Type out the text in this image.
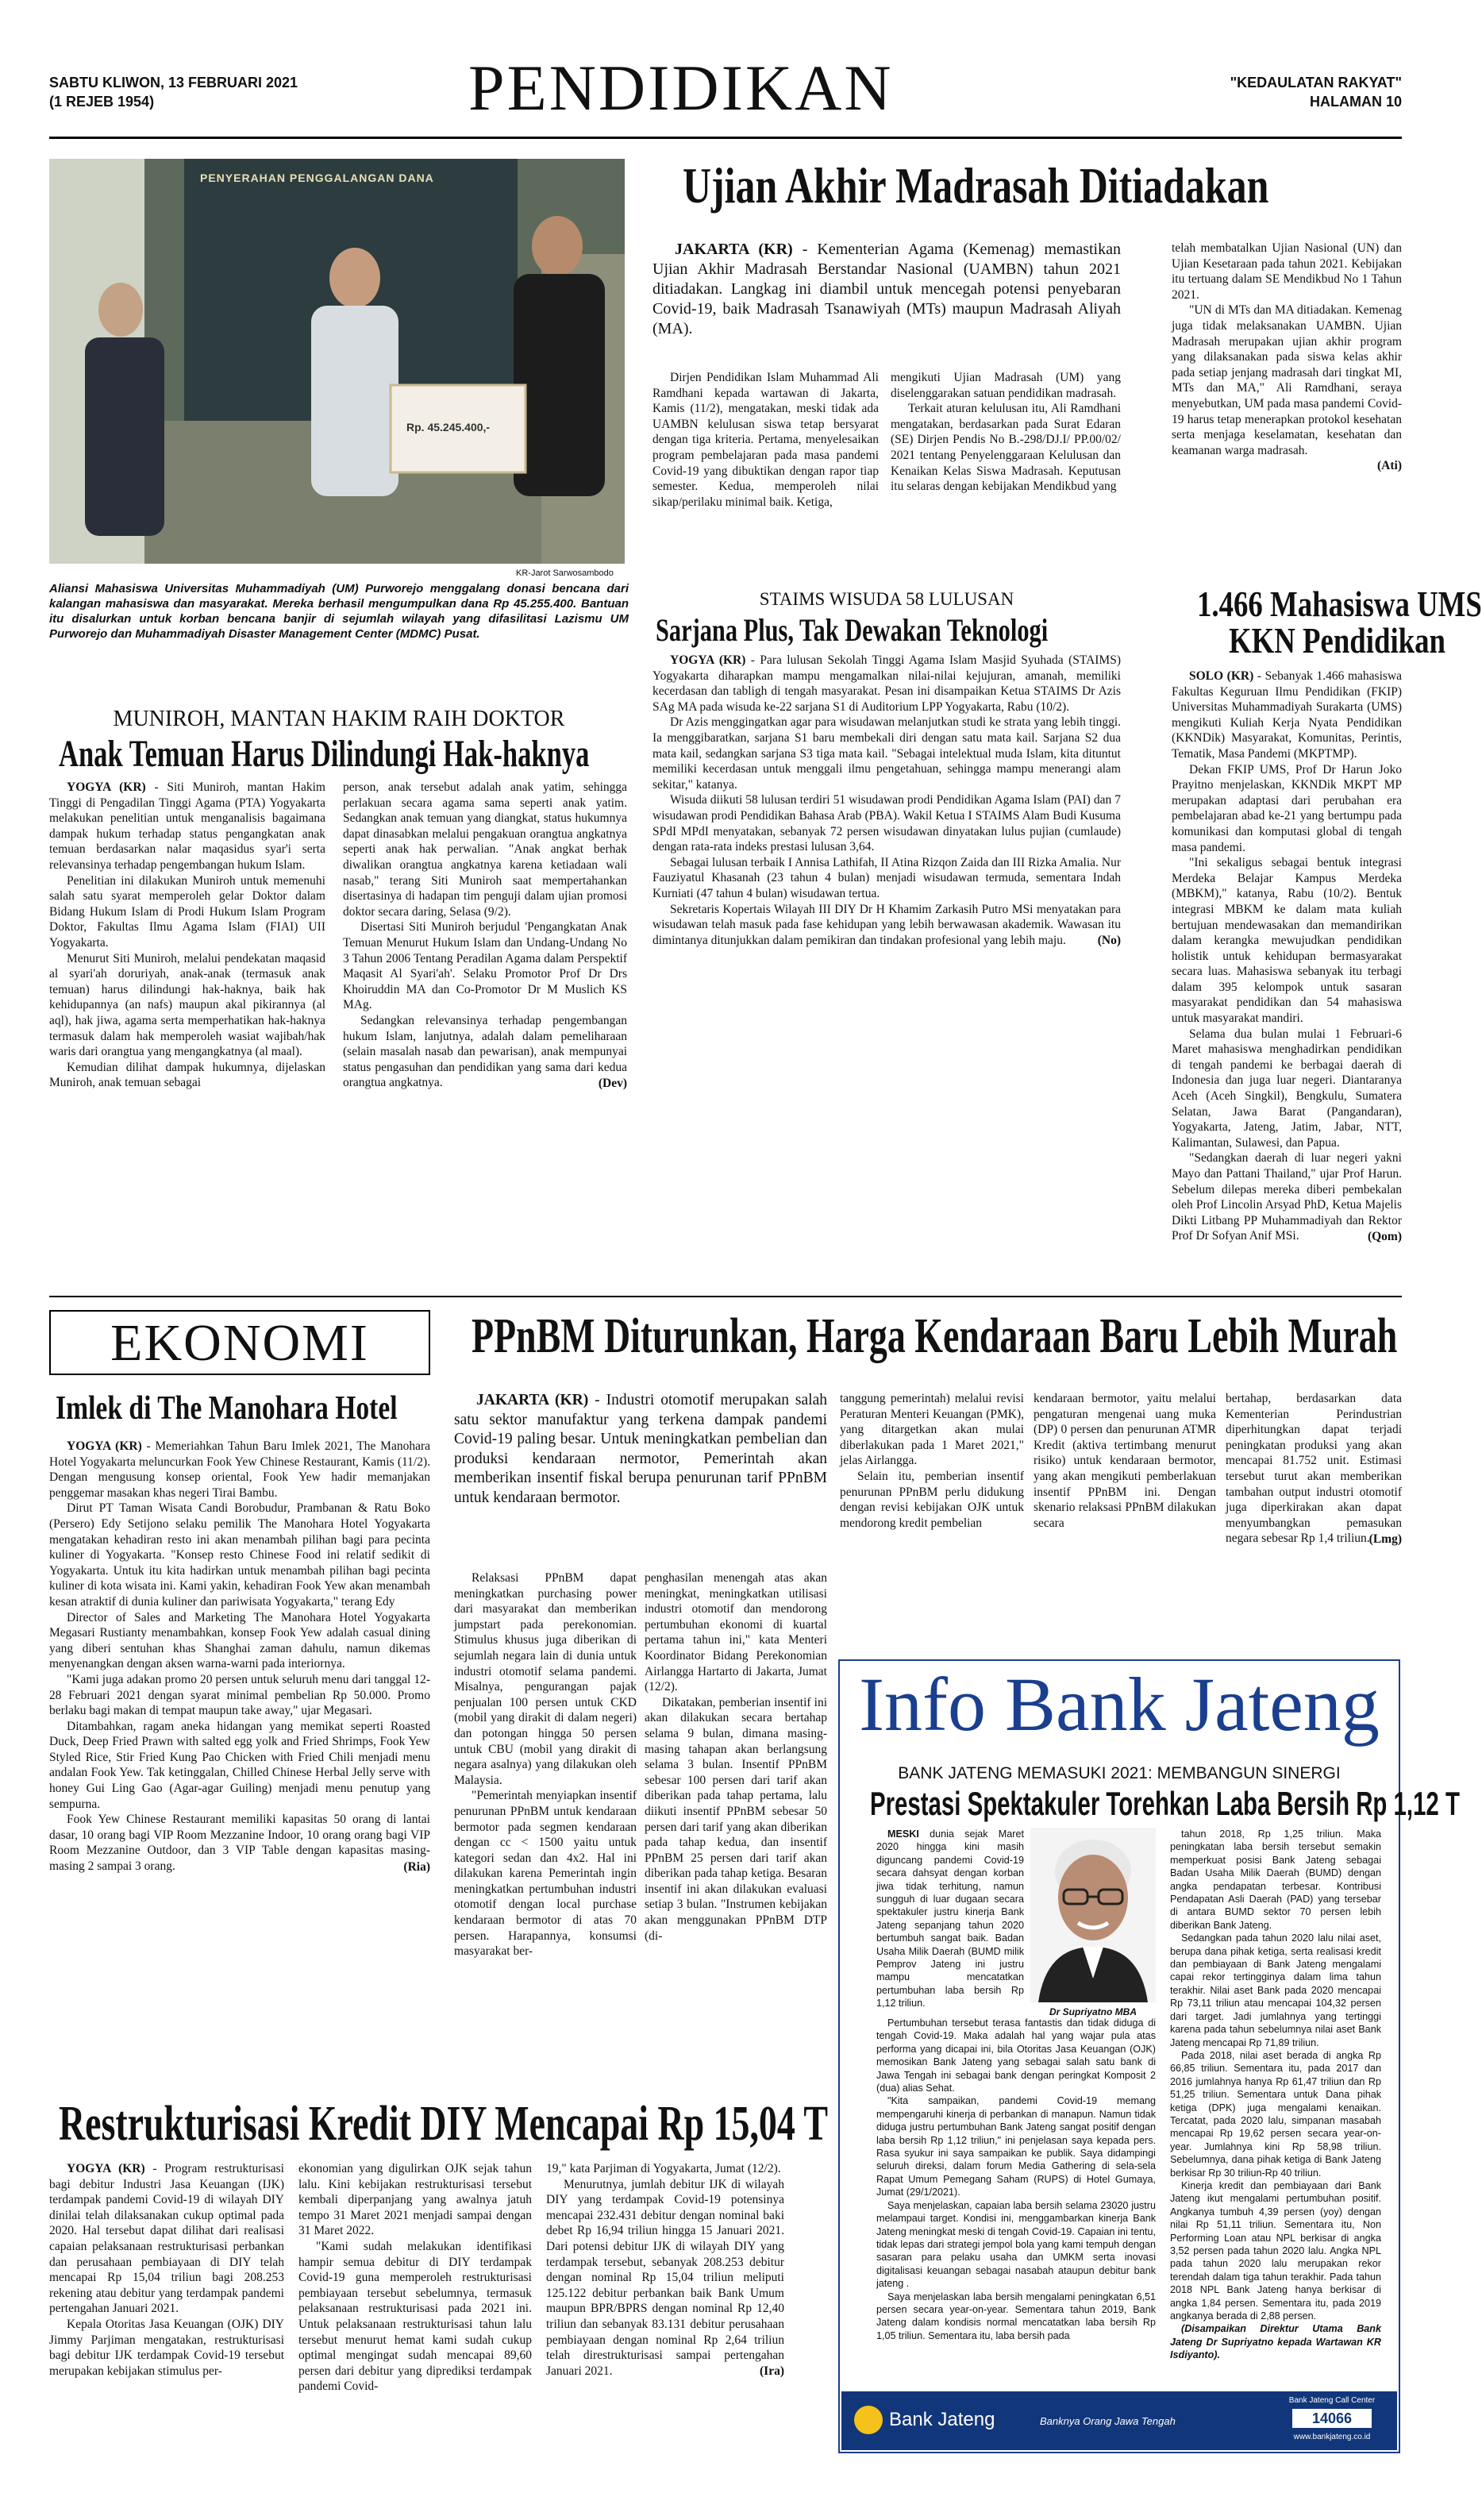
SABTU KLIWON, 13 FEBRUARI 2021
(1 REJEB 1954)	PENDIDIKAN	"KEDAULATAN RAKYAT"
HALAMAN 10
PENYERAHAN PENGGALANGAN DANA
Rp. 45.245.400,-
KR-Jarot Sarwosambodo
Aliansi Mahasiswa Universitas Muhammadiyah (UM) Purworejo menggalang donasi bencana dari kalangan mahasiswa dan masyarakat. Mereka berhasil mengumpulkan dana Rp 45.255.400. Bantuan itu disalurkan untuk korban bencana banjir di sejumlah wilayah yang difasilitasi Lazismu UM Purworejo dan Muhammadiyah Disaster Management Center (MDMC) Pusat.
Ujian Akhir Madrasah Ditiadakan

JAKARTA (KR) - Kementerian Agama (Kemenag) memastikan Ujian Akhir Madrasah Berstandar Nasional (UAMBN) tahun 2021 ditiadakan. Langkag ini diambil untuk mencegah potensi penyebaran Covid-19, baik Madrasah Tsanawiyah (MTs) maupun Madrasah Aliyah (MA).

Dirjen Pendidikan Islam Muhammad Ali Ramdhani kepada wartawan di Jakarta, Kamis (11/2), mengatakan, meski tidak ada UAMBN kelulusan siswa tetap bersyarat dengan tiga kriteria. Pertama, menyelesaikan program pembelajaran pada masa pandemi Covid-19 yang dibuktikan dengan rapor tiap semester. Kedua, memperoleh nilai sikap/perilaku minimal baik. Ketiga,

mengikuti Ujian Madrasah (UM) yang diselenggarakan satuan pendidikan madrasah.

Terkait aturan kelulusan itu, Ali Ramdhani mengatakan, berdasarkan pada Surat Edaran (SE) Dirjen Pendis No B.-298/DJ.I/ PP.00/02/ 2021 tentang Penyelenggaraan Kelulusan dan Kenaikan Kelas Siswa Madrasah. Keputusan itu selaras dengan kebijakan Mendikbud yang

telah membatalkan Ujian Nasional (UN) dan Ujian Kesetaraan pada tahun 2021. Kebijakan itu tertuang dalam SE Mendikbud No 1 Tahun 2021.

"UN di MTs dan MA ditiadakan. Kemenag juga tidak melaksanakan UAMBN. Ujian Madrasah merupakan ujian akhir program yang dilaksanakan pada siswa kelas akhir pada setiap jenjang madrasah dari tingkat MI, MTs dan MA," Ali Ramdhani, seraya menyebutkan, UM pada masa pandemi Covid-19 harus tetap menerapkan protokol kesehatan serta menjaga keselamatan, kesehatan dan keamanan warga madrasah.

(Ati)
STAIMS WISUDA 58 LULUSAN
Sarjana Plus, Tak Dewakan Teknologi

YOGYA (KR) - Para lulusan Sekolah Tinggi Agama Islam Masjid Syuhada (STAIMS) Yogyakarta diharapkan mampu mengamalkan nilai-nilai kejujuran, amanah, memiliki kecerdasan dan tabligh di tengah masyarakat. Pesan ini disampaikan Ketua STAIMS Dr Azis SAg MA pada wisuda ke-22 sarjana S1 di Auditorium LPP Yogyakarta, Rabu (10/2).

Dr Azis menggingatkan agar para wisudawan melanjutkan studi ke strata yang lebih tinggi. Ia menggibaratkan, sarjana S1 baru membekali diri dengan satu mata kail. Sarjana S2 dua mata kail, sedangkan sarjana S3 tiga mata kail. "Sebagai intelektual muda Islam, kita dituntut memiliki kecerdasan untuk menggali ilmu pengetahuan, sehingga mampu menerangi alam sekitar," katanya.

Wisuda diikuti 58 lulusan terdiri 51 wisudawan prodi Pendidikan Agama Islam (PAI) dan 7 wisudawan prodi Pendidikan Bahasa Arab (PBA). Wakil Ketua I STAIMS Alam Budi Kusuma SPdI MPdI menyatakan, sebanyak 72 persen wisudawan dinyatakan lulus pujian (cumlaude) dengan rata-rata indeks prestasi lulusan 3,64.

Sebagai lulusan terbaik I Annisa Lathifah, II Atina Rizqon Zaida dan III Rizka Amalia. Nur Fauziyatul Khasanah (23 tahun 4 bulan) menjadi wisudawan termuda, sementara Indah Kurniati (47 tahun 4 bulan) wisudawan tertua.

Sekretaris Kopertais Wilayah III DIY Dr H Khamim Zarkasih Putro MSi menyatakan para wisudawan telah masuk pada fase kehidupan yang lebih berwawasan akademik. Wawasan itu dimintanya ditunjukkan dalam pemikiran dan tindakan profesional yang lebih maju.	(No)
1.466 Mahasiswa UMS
KKN Pendidikan

SOLO (KR) - Sebanyak 1.466 mahasiswa Fakultas Keguruan Ilmu Pendidikan (FKIP) Universitas Muhammadiyah Surakarta (UMS) mengikuti Kuliah Kerja Nyata Pendidikan (KKNDik) Masyarakat, Komunitas, Perintis, Tematik, Masa Pandemi (MKPTMP).

Dekan FKIP UMS, Prof Dr Harun Joko Prayitno menjelaskan, KKNDik MKPT MP merupakan adaptasi dari perubahan era pembelajaran abad ke-21 yang bertumpu pada komunikasi dan komputasi global di tengah masa pandemi.

"Ini sekaligus sebagai bentuk integrasi Merdeka Belajar Kampus Merdeka (MBKM)," katanya, Rabu (10/2). Bentuk integrasi MBKM ke dalam mata kuliah bertujuan mendewasakan dan memandirikan dalam kerangka mewujudkan pendidikan holistik untuk kehidupan bermasyarakat secara luas. Mahasiswa sebanyak itu terbagi dalam 395 kelompok untuk sasaran masyarakat pendidikan dan 54 mahasiswa untuk masyarakat mandiri.

Selama dua bulan mulai 1 Februari-6 Maret mahasiswa menghadirkan pendidikan di tengah pandemi ke berbagai daerah di Indonesia dan juga luar negeri. Diantaranya Aceh (Aceh Singkil), Bengkulu, Sumatera Selatan, Jawa Barat (Pangandaran), Yogyakarta, Jateng, Jatim, Jabar, NTT, Kalimantan, Sulawesi, dan Papua.

"Sedangkan daerah di luar negeri yakni Mayo dan Pattani Thailand," ujar Prof Harun. Sebelum dilepas mereka diberi pembekalan oleh Prof Lincolin Arsyad PhD, Ketua Majelis Dikti Litbang PP Muhammadiyah dan Rektor Prof Dr Sofyan Anif MSi.	(Qom)
MUNIROH, MANTAN HAKIM RAIH DOKTOR
Anak Temuan Harus Dilindungi Hak-haknya

YOGYA (KR) - Siti Muniroh, mantan Hakim Tinggi di Pengadilan Tinggi Agama (PTA) Yogyakarta melakukan penelitian untuk menganalisis bagaimana dampak hukum terhadap status pengangkatan anak temuan berdasarkan nalar maqasidus syar'i serta relevansinya terhadap pengembangan hukum Islam.

Penelitian ini dilakukan Muniroh untuk memenuhi salah satu syarat memperoleh gelar Doktor dalam Bidang Hukum Islam di Prodi Hukum Islam Program Doktor, Fakultas Ilmu Agama Islam (FIAI) UII Yogyakarta.

Menurut Siti Muniroh, melalui pendekatan maqasid al syari'ah doruriyah, anak-anak (termasuk anak temuan) harus dilindungi hak-haknya, baik hak kehidupannya (an nafs) maupun akal pikirannya (al aql), hak jiwa, agama serta memperhatikan hak-haknya termasuk dalam hak memperoleh wasiat wajibah/hak waris dari orangtua yang mengangkatnya (al maal).

Kemudian dilihat dampak hukumnya, dijelaskan Muniroh, anak temuan sebagai

person, anak tersebut adalah anak yatim, sehingga perlakuan secara agama sama seperti anak yatim. Sedangkan anak temuan yang diangkat, status hukumnya dapat dinasabkan melalui pengakuan orangtua angkatnya seperti anak hak perwalian. "Anak angkat berhak diwalikan orangtua angkatnya karena ketiadaan wali nasab," terang Siti Muniroh saat mempertahankan disertasinya di hadapan tim penguji dalam ujian promosi doktor secara daring, Selasa (9/2).

Disertasi Siti Muniroh berjudul 'Pengangkatan Anak Temuan Menurut Hukum Islam dan Undang-Undang No 3 Tahun 2006 Tentang Peradilan Agama dalam Perspektif Maqasit Al Syari'ah'. Selaku Promotor Prof Dr Drs Khoiruddin MA dan Co-Promotor Dr M Muslich KS MAg.

Sedangkan relevansinya terhadap pengembangan hukum Islam, lanjutnya, adalah dalam pemeliharaan (selain masalah nasab dan pewarisan), anak mempunyai status pengasuhan dan pendidikan yang sama dari kedua orangtua angkatnya.	(Dev)
EKONOMI
Imlek di The Manohara Hotel

YOGYA (KR) - Memeriahkan Tahun Baru Imlek 2021, The Manohara Hotel Yogyakarta meluncurkan Fook Yew Chinese Restaurant, Kamis (11/2). Dengan mengusung konsep oriental, Fook Yew hadir memanjakan penggemar masakan khas negeri Tirai Bambu.

Dirut PT Taman Wisata Candi Borobudur, Prambanan & Ratu Boko (Persero) Edy Setijono selaku pemilik The Manohara Hotel Yogyakarta mengatakan kehadiran resto ini akan menambah pilihan bagi para pecinta kuliner di Yogyakarta. "Konsep resto Chinese Food ini relatif sedikit di Yogyakarta. Untuk itu kita hadirkan untuk menambah pilihan bagi pecinta kuliner di kota wisata ini. Kami yakin, kehadiran Fook Yew akan menambah kesan atraktif di dunia kuliner dan pariwisata Yogyakarta," terang Edy

Director of Sales and Marketing The Manohara Hotel Yogyakarta Megasari Rustianty menambahkan, konsep Fook Yew adalah casual dining yang diberi sentuhan khas Shanghai zaman dahulu, namun dikemas menyenangkan dengan aksen warna-warni pada interiornya.

"Kami juga adakan promo 20 persen untuk seluruh menu dari tanggal 12-28 Februari 2021 dengan syarat minimal pembelian Rp 50.000. Promo berlaku bagi makan di tempat maupun take away," ujar Megasari.

Ditambahkan, ragam aneka hidangan yang memikat seperti Roasted Duck, Deep Fried Prawn with salted egg yolk and Fried Shrimps, Fook Yew Styled Rice, Stir Fried Kung Pao Chicken with Fried Chili menjadi menu andalan Fook Yew. Tak ketinggalan, Chilled Chinese Herbal Jelly serve with honey Gui Ling Gao (Agar-agar Guiling) menjadi menu penutup yang sempurna.

Fook Yew Chinese Restaurant memiliki kapasitas 50 orang di lantai dasar, 10 orang bagi VIP Room Mezzanine Indoor, 10 orang orang bagi VIP Room Mezzanine Outdoor, dan 3 VIP Table dengan kapasitas masing-masing 2 sampai 3 orang.	(Ria)
PPnBM Diturunkan, Harga Kendaraan Baru Lebih Murah

JAKARTA (KR) - Industri otomotif merupakan salah satu sektor manufaktur yang terkena dampak pandemi Covid-19 paling besar. Untuk meningkatkan pembelian dan produksi kendaraan nermotor, Pemerintah akan memberikan insentif fiskal berupa penurunan tarif PPnBM untuk kendaraan bermotor.

Relaksasi PPnBM dapat meningkatkan purchasing power dari masyarakat dan memberikan jumpstart pada perekonomian. Stimulus khusus juga diberikan di sejumlah negara lain di dunia untuk industri otomotif selama pandemi. Misalnya, pengurangan pajak penjualan 100 persen untuk CKD (mobil yang dirakit di dalam negeri) dan potongan hingga 50 persen untuk CBU (mobil yang dirakit di negara asalnya) yang dilakukan oleh Malaysia.

"Pemerintah menyiapkan insentif penurunan PPnBM untuk kendaraan bermotor pada segmen kendaraan dengan cc < 1500 yaitu untuk kategori sedan dan 4x2. Hal ini dilakukan karena Pemerintah ingin meningkatkan pertumbuhan industri otomotif dengan local purchase kendaraan bermotor di atas 70 persen. Harapannya, konsumsi masyarakat ber-

penghasilan menengah atas akan meningkat, meningkatkan utilisasi industri otomotif dan mendorong pertumbuhan ekonomi di kuartal pertama tahun ini," kata Menteri Koordinator Bidang Perekonomian Airlangga Hartarto di Jakarta, Jumat (12/2).

Dikatakan, pemberian insentif ini akan dilakukan secara bertahap selama 9 bulan, dimana masing-masing tahapan akan berlangsung selama 3 bulan. Insentif PPnBM sebesar 100 persen dari tarif akan diberikan pada tahap pertama, lalu diikuti insentif PPnBM sebesar 50 persen dari tarif yang akan diberikan pada tahap kedua, dan insentif PPnBM 25 persen dari tarif akan diberikan pada tahap ketiga. Besaran insentif ini akan dilakukan evaluasi setiap 3 bulan. "Instrumen kebijakan akan menggunakan PPnBM DTP (di-

tanggung pemerintah) melalui revisi Peraturan Menteri Keuangan (PMK), yang ditargetkan akan mulai diberlakukan pada 1 Maret 2021," jelas Airlangga.

Selain itu, pemberian insentif penurunan PPnBM perlu didukung dengan revisi kebijakan OJK untuk mendorong kredit pembelian

kendaraan bermotor, yaitu melalui pengaturan mengenai uang muka (DP) 0 persen dan penurunan ATMR Kredit (aktiva tertimbang menurut risiko) untuk kendaraan bermotor, yang akan mengikuti pemberlakuan insentif PPnBM ini. Dengan skenario relaksasi PPnBM dilakukan secara

bertahap, berdasarkan data Kementerian Perindustrian diperhitungkan dapat terjadi peningkatan produksi yang akan mencapai 81.752 unit. Estimasi tersebut turut akan memberikan tambahan output industri otomotif juga diperkirakan akan dapat menyumbangkan pemasukan negara sebesar Rp 1,4 triliun. (Lmg)
Restrukturisasi Kredit DIY Mencapai Rp 15,04 T

YOGYA (KR) - Program restrukturisasi bagi debitur Industri Jasa Keuangan (IJK) terdampak pandemi Covid-19 di wilayah DIY dinilai telah dilaksanakan cukup optimal pada 2020. Hal tersebut dapat dilihat dari realisasi capaian pelaksanaan restrukturisasi perbankan dan perusahaan pembiayaan di DIY telah mencapai Rp 15,04 triliun bagi 208.253 rekening atau debitur yang terdampak pandemi pertengahan Januari 2021.

Kepala Otoritas Jasa Keuangan (OJK) DIY Jimmy Parjiman mengatakan, restrukturisasi bagi debitur IJK terdampak Covid-19 tersebut merupakan kebijakan stimulus per-

ekonomian yang digulirkan OJK sejak tahun lalu. Kini kebijakan restrukturisasi tersebut kembali diperpanjang yang awalnya jatuh tempo 31 Maret 2021 menjadi sampai dengan 31 Maret 2022.

"Kami sudah melakukan identifikasi hampir semua debitur di DIY terdampak Covid-19 guna memperoleh restrukturisasi pembiayaan tersebut sebelumnya, termasuk pelaksanaan restrukturisasi pada 2021 ini. Untuk pelaksanaan restrukturisasi tahun lalu tersebut menurut hemat kami sudah cukup optimal mengingat sudah mencapai 89,60 persen dari debitur yang diprediksi terdampak pandemi Covid-

19," kata Parjiman di Yogyakarta, Jumat (12/2).

Menurutnya, jumlah debitur IJK di wilayah DIY yang terdampak Covid-19 potensinya mencapai 232.431 debitur dengan nominal baki debet Rp 16,94 triliun hingga 15 Januari 2021. Dari potensi debitur IJK di wilayah DIY yang terdampak tersebut, sebanyak 208.253 debitur dengan nominal Rp 15,04 triliun meliputi 125.122 debitur perbankan baik Bank Umum maupun BPR/BPRS dengan nominal Rp 12,40 triliun dan sebanyak 83.131 debitur perusahaan pembiayaan dengan nominal Rp 2,64 triliun telah direstrukturisasi sampai pertengahan Januari 2021.	(Ira)
Info Bank Jateng
BANK JATENG MEMASUKI 2021: MEMBANGUN SINERGI
Prestasi Spektakuler Torehkan Laba Bersih Rp 1,12 T

MESKI dunia sejak Maret 2020 hingga kini masih diguncang pandemi Covid-19 secara dahsyat dengan korban jiwa tidak terhitung, namun sungguh di luar dugaan secara spektakuler justru kinerja Bank Jateng sepanjang tahun 2020 bertumbuh sangat baik. Badan Usaha Milik Daerah (BUMD milik Pemprov Jateng ini justru mampu mencatatkan pertumbuhan laba bersih Rp 1,12 triliun.

Dr Supriyatno MBA

Pertumbuhan tersebut terasa fantastis dan tidak diduga di tengah Covid-19. Maka adalah hal yang wajar pula atas performa yang dicapai ini, bila Otoritas Jasa Keuangan (OJK) memosikan Bank Jateng yang sebagai salah satu bank di Jawa Tengah ini sebagai bank dengan peringkat Komposit 2 (dua) alias Sehat.

"Kita sampaikan, pandemi Covid-19 memang mempengaruhi kinerja di perbankan di manapun. Namun tidak diduga justru pertumbuhan Bank Jateng sangat positif dengan laba bersih Rp 1,12 triliun," ini penjelasan saya kepada pers. Rasa syukur ini saya sampaikan ke publik. Saya didampingi seluruh direksi, dalam forum Media Gathering di sela-sela Rapat Umum Pemegang Saham (RUPS) di Hotel Gumaya, Jumat (29/1/2021).

Saya menjelaskan, capaian laba bersih selama 23020 justru melampaui target. Kondisi ini, menggambarkan kinerja Bank Jateng meningkat meski di tengah Covid-19. Capaian ini tentu, tidak lepas dari strategi jempol bola yang kami tempuh dengan sasaran para pelaku usaha dan UMKM serta inovasi digitalisasi keuangan sebagai nasabah ataupun debitur bank jateng .

Saya menjelaskan laba bersih mengalami peningkatan 6,51 persen secara year-on-year. Sementara tahun 2019, Bank Jateng dalam kondisis normal mencatatkan laba bersih Rp 1,05 triliun. Sementara itu, laba bersih pada

tahun 2018, Rp 1,25 triliun. Maka peningkatan laba bersih tersebut semakin memperkuat posisi Bank Jateng sebagai Badan Usaha Milik Daerah (BUMD) dengan angka pendapatan terbesar. Kontribusi Pendapatan Asli Daerah (PAD) yang tersebar di antara BUMD sektor 70 persen lebih diberikan Bank Jateng.

Sedangkan pada tahun 2020 lalu nilai aset, berupa dana pihak ketiga, serta realisasi kredit dan pembiayaan di Bank Jateng mengalami capai rekor tertingginya dalam lima tahun terakhir. Nilai aset Bank pada 2020 mencapai Rp 73,11 triliun atau mencapai 104,32 persen dari target. Jadi jumlahnya yang tertinggi karena pada tahun sebelumnya nilai aset Bank Jateng mencapai Rp 71,89 triliun.

Pada 2018, nilai aset berada di angka Rp 66,85 triliun. Sementara itu, pada 2017 dan 2016 jumlahnya hanya Rp 61,47 triliun dan Rp 51,25 triliun. Sementara untuk Dana pihak ketiga (DPK) juga mengalami kenaikan. Tercatat, pada 2020 lalu, simpanan masabah mencapai Rp 19,62 persen secara year-on-year. Jumlahnya kini Rp 58,98 triliun. Sebelumnya, dana pihak ketiga di Bank Jateng berkisar Rp 30 triliun-Rp 40 triliun.

Kinerja kredit dan pembiayaan dari Bank Jateng ikut mengalami pertumbuhan positif. Angkanya tumbuh 4,39 persen (yoy) dengan nilai Rp 51,11 triliun. Sementara itu, Non Performing Loan atau NPL berkisar di angka 3,52 persen pada tahun 2020 lalu. Angka NPL pada tahun 2020 lalu merupakan rekor terendah dalam tiga tahun terakhir. Pada tahun 2018 NPL Bank Jateng hanya berkisar di angka 1,84 persen. Sementara itu, pada 2019 angkanya berada di 2,88 persen.

(Disampaikan Direktur Utama Bank Jateng Dr Supriyatno kepada Wartawan KR Isdiyanto).

Bank Jateng	Banknya Orang Jawa Tengah
Bank Jateng Call Center
14066
www.bankjateng.co.id
